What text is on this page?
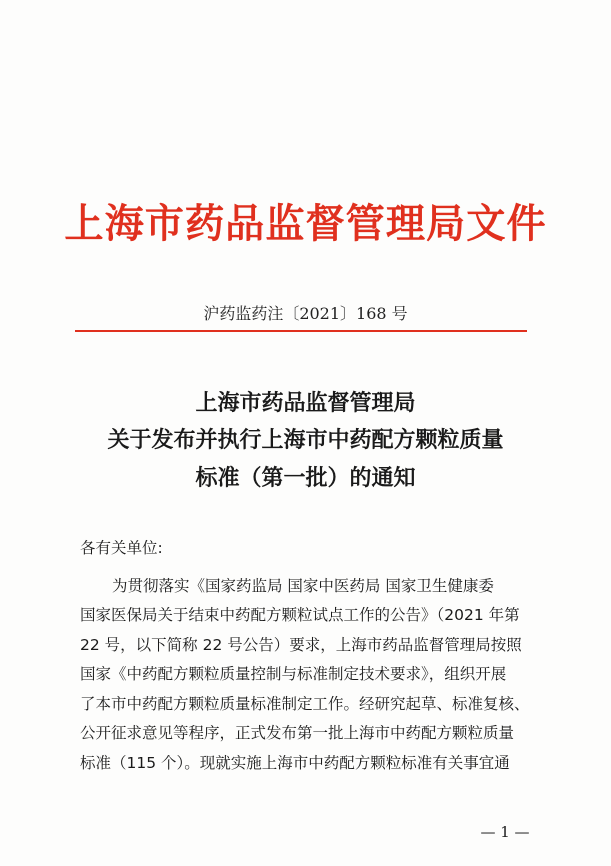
上海市药品监督管理局文件
沪药监药注〔2021〕168 号
上海市药品监督管理局
关于发布并执行上海市中药配方颗粒质量
标准（第一批）的通知
各有关单位:
为贯彻落实《国家药监局 国家中医药局 国家卫生健康委
国家医保局关于结束中药配方颗粒试点工作的公告》（2021 年第
22 号，以下简称 22 号公告）要求，上海市药品监督管理局按照
国家《中药配方颗粒质量控制与标准制定技术要求》，组织开展
了本市中药配方颗粒质量标准制定工作。经研究起草、标准复核、
公开征求意见等程序，正式发布第一批上海市中药配方颗粒质量
标准（115 个）。现就实施上海市中药配方颗粒标准有关事宜通
— 1 —
